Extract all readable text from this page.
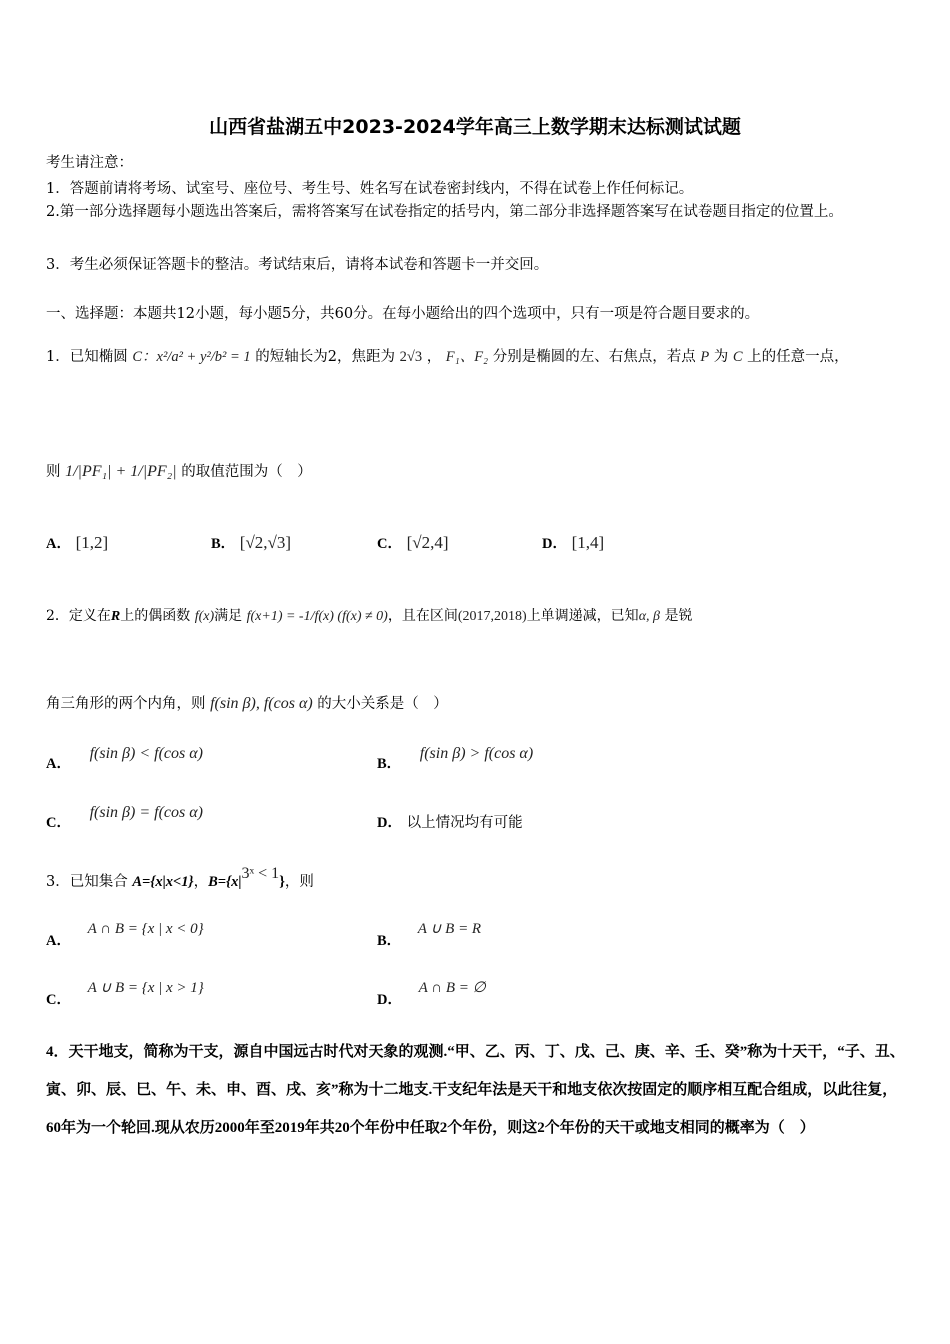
山西省盐湖五中2023-2024学年高三上数学期末达标测试试题
考生请注意：
1．答题前请将考场、试室号、座位号、考生号、姓名写在试卷密封线内，不得在试卷上作任何标记。
2.第一部分选择题每小题选出答案后，需将答案写在试卷指定的括号内，第二部分非选择题答案写在试卷题目指定的位置上。
3．考生必须保证答题卡的整洁。考试结束后，请将本试卷和答题卡一并交回。
一、选择题：本题共12小题，每小题5分，共60分。在每小题给出的四个选项中，只有一项是符合题目要求的。
1．已知椭圆 C：x²/a² + y²/b² = 1 的短轴长为2，焦距为 2√3 ， F₁、F₂ 分别是椭圆的左、右焦点，若点 P 为 C 上的任意一点，
则 1/|PF₁| + 1/|PF₂| 的取值范围为（　）
A． [1,2]	B． [√2,√3]	C． [√2,4]	D． [1,4]
2．定义在R上的偶函数 f(x)满足 f(x+1) = -1/f(x) (f(x) ≠ 0)，且在区间(2017,2018)上单调递减，已知α, β 是锐
角三角形的两个内角，则 f(sin β), f(cos α) 的大小关系是（　）
A． f(sin β) < f(cos α)
B． f(sin β) > f(cos α)
C． f(sin β) = f(cos α)
D． 以上情况均有可能
3．已知集合 A={x|x<1}，B={x|3ˣ < 1}，则
A． A ∩ B = {x | x < 0}
B． A ∪ B = R
C． A ∪ B = {x | x > 1}
D． A ∩ B = ∅
4．天干地支，简称为干支，源自中国远古时代对天象的观测.“甲、乙、丙、丁、戊、己、庚、辛、壬、癸”称为十天干，“子、丑、寅、卯、辰、巳、午、未、申、酉、戌、亥”称为十二地支.干支纪年法是天干和地支依次按固定的顺序相互配合组成，以此往复，60年为一个轮回.现从农历2000年至2019年共20个年份中任取2个年份，则这2个年份的天干或地支相同的概率为（　）
